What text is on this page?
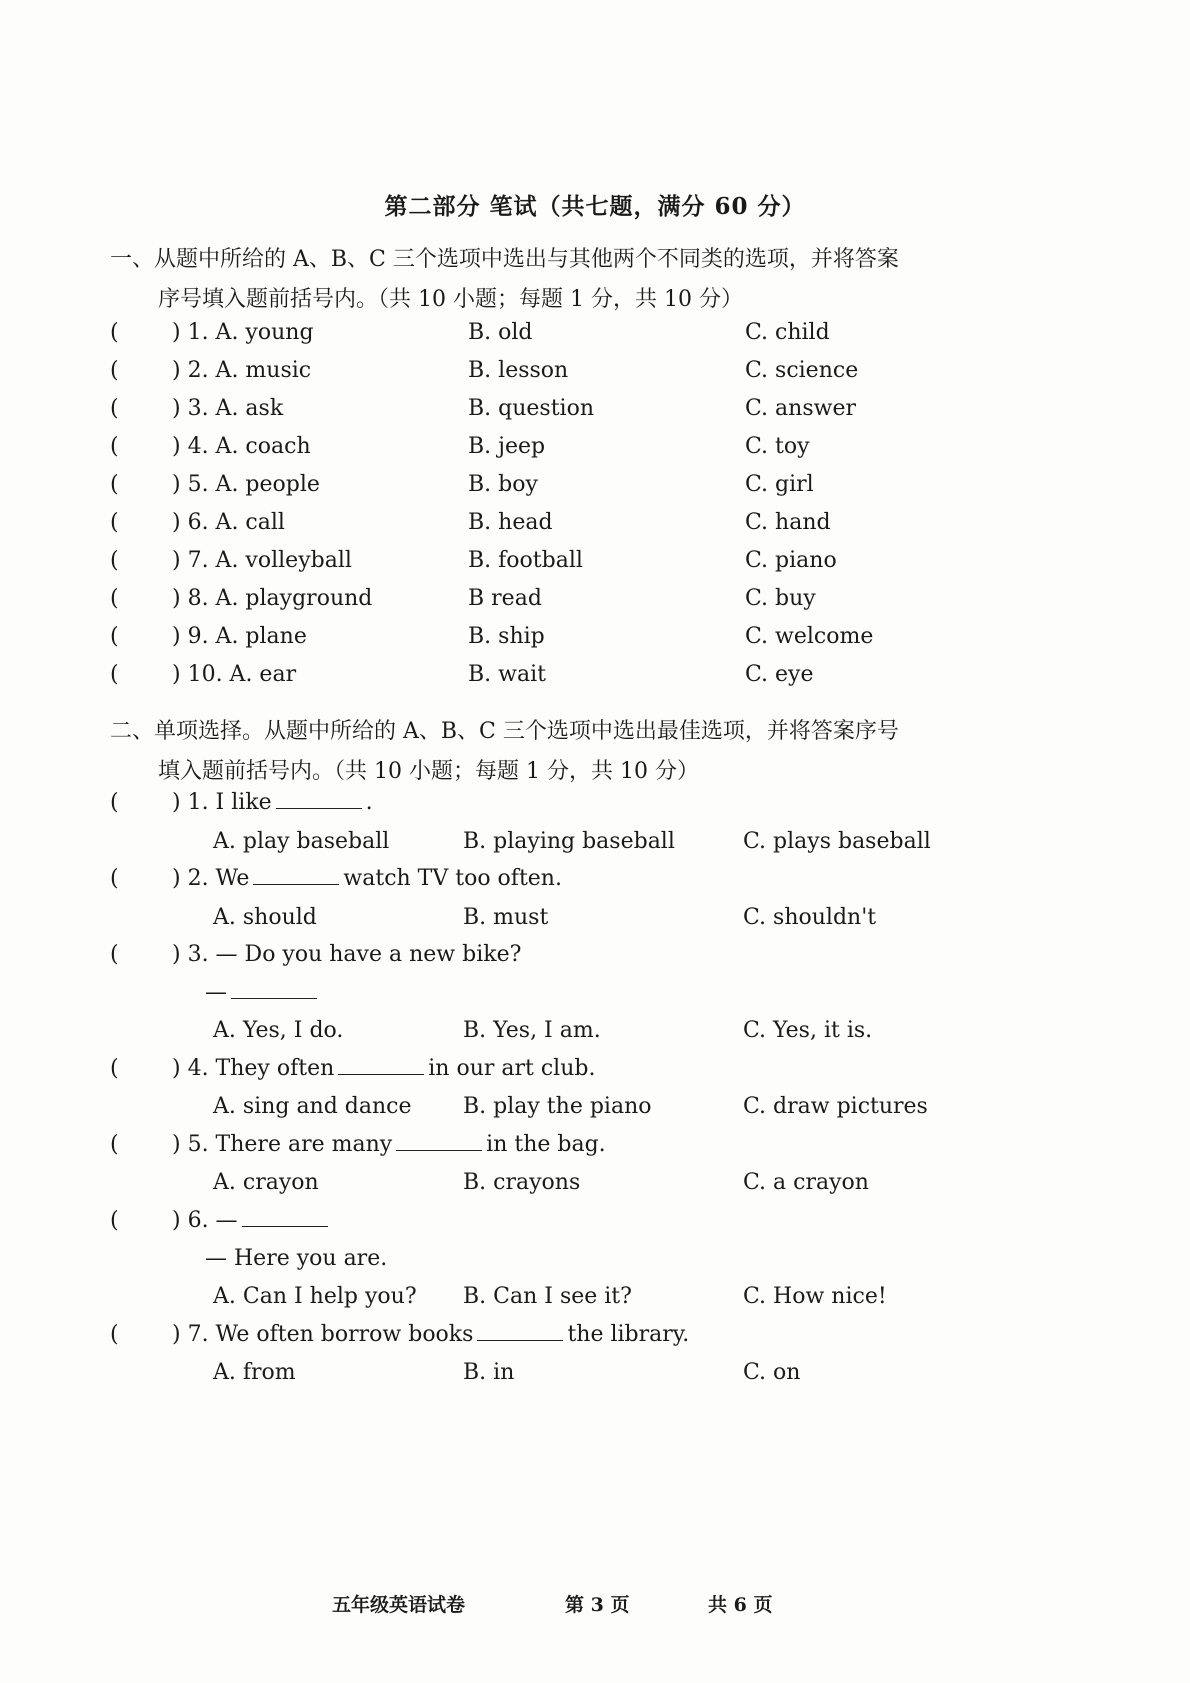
第二部分 笔试（共七题，满分 60 分）
一、从题中所给的 A、B、C 三个选项中选出与其他两个不同类的选项，并将答案
序号填入题前括号内。（共 10 小题；每题 1 分，共 10 分）
( ) 1. A. young	B. old	C. child
( ) 2. A. music	B. lesson	C. science
( ) 3. A. ask	B. question	C. answer
( ) 4. A. coach	B. jeep	C. toy
( ) 5. A. people	B. boy	C. girl
( ) 6. A. call	B. head	C. hand
( ) 7. A. volleyball	B. football	C. piano
( ) 8. A. playground	B read	C. buy
( ) 9. A. plane	B. ship	C. welcome
( ) 10. A. ear	B. wait	C. eye
二、单项选择。从题中所给的 A、B、C 三个选项中选出最佳选项，并将答案序号
填入题前括号内。（共 10 小题；每题 1 分，共 10 分）
( ) 1. I like	.
A. play baseball	B. playing baseball	C. plays baseball
( ) 2. We	watch TV too often.
A. should	B. must	C. shouldn't
( ) 3. — Do you have a new bike?
—
A. Yes, I do.	B. Yes, I am.	C. Yes, it is.
( ) 4. They often	in our art club.
A. sing and dance B. play the piano	C. draw pictures
( ) 5. There are many	in the bag.
A. crayon	B. crayons	C. a crayon
( ) 6. —
— Here you are.
A. Can I help you? B. Can I see it?	C. How nice!
( ) 7. We often borrow books	the library.
A. from	B. in	C. on
五年级英语试卷	第 3 页	共 6 页
